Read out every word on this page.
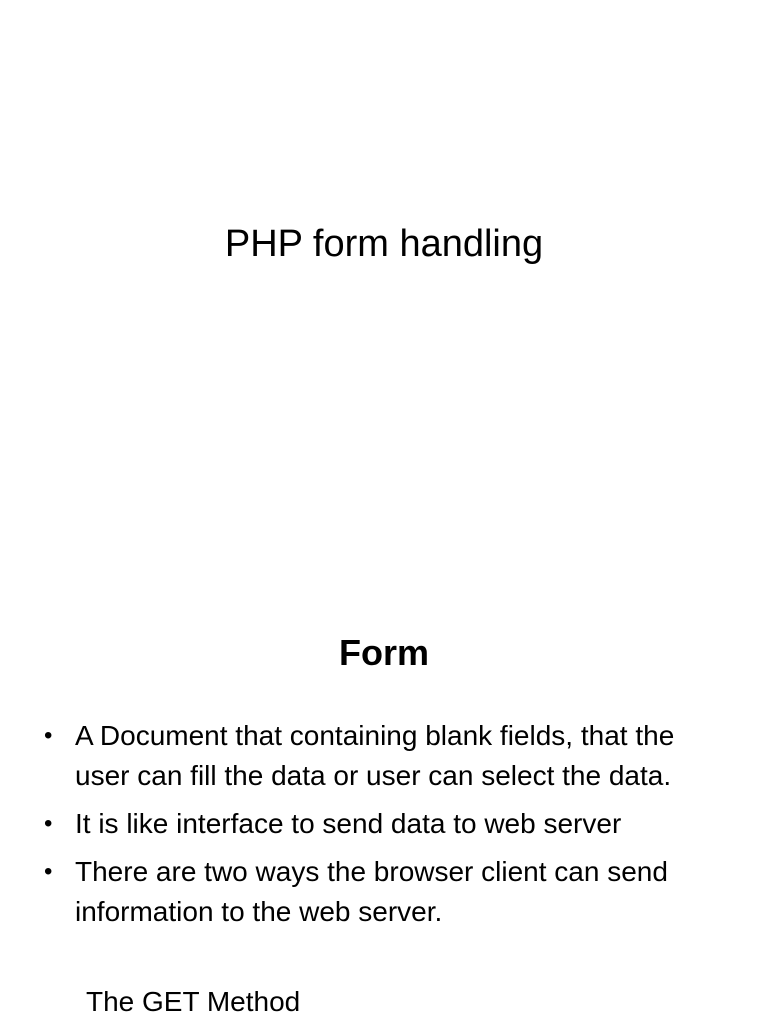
PHP form handling
Form
• A Document that containing blank fields, that the user can fill the data or user can select the data.
• It is like interface to send data to web server
• There are two ways the browser client can send information to the web server.

The GET Method
